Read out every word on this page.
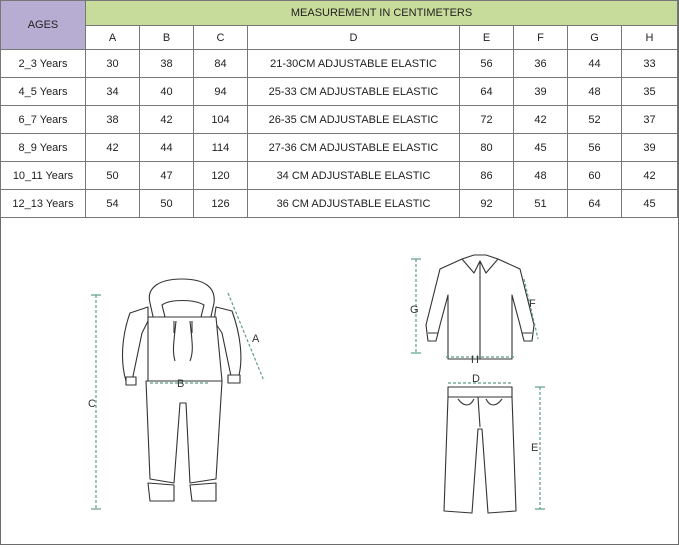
AGES	MEASUREMENT IN CENTIMETERS							
	A	B	C	D	E	F	G	H
2_3 Years	30	38	84	21-30CM ADJUSTABLE ELASTIC	56	36	44	33
4_5 Years	34	40	94	25-33 CM ADJUSTABLE ELASTIC	64	39	48	35
6_7 Years	38	42	104	26-35 CM ADJUSTABLE ELASTIC	72	42	52	37
8_9 Years	42	44	114	27-36 CM ADJUSTABLE ELASTIC	80	45	56	39
10_11 Years	50	47	120	34 CM ADJUSTABLE ELASTIC	86	48	60	42
12_13 Years	54	50	126	36 CM ADJUSTABLE ELASTIC	92	51	64	45
C
A
B
G	F
H
D
E
